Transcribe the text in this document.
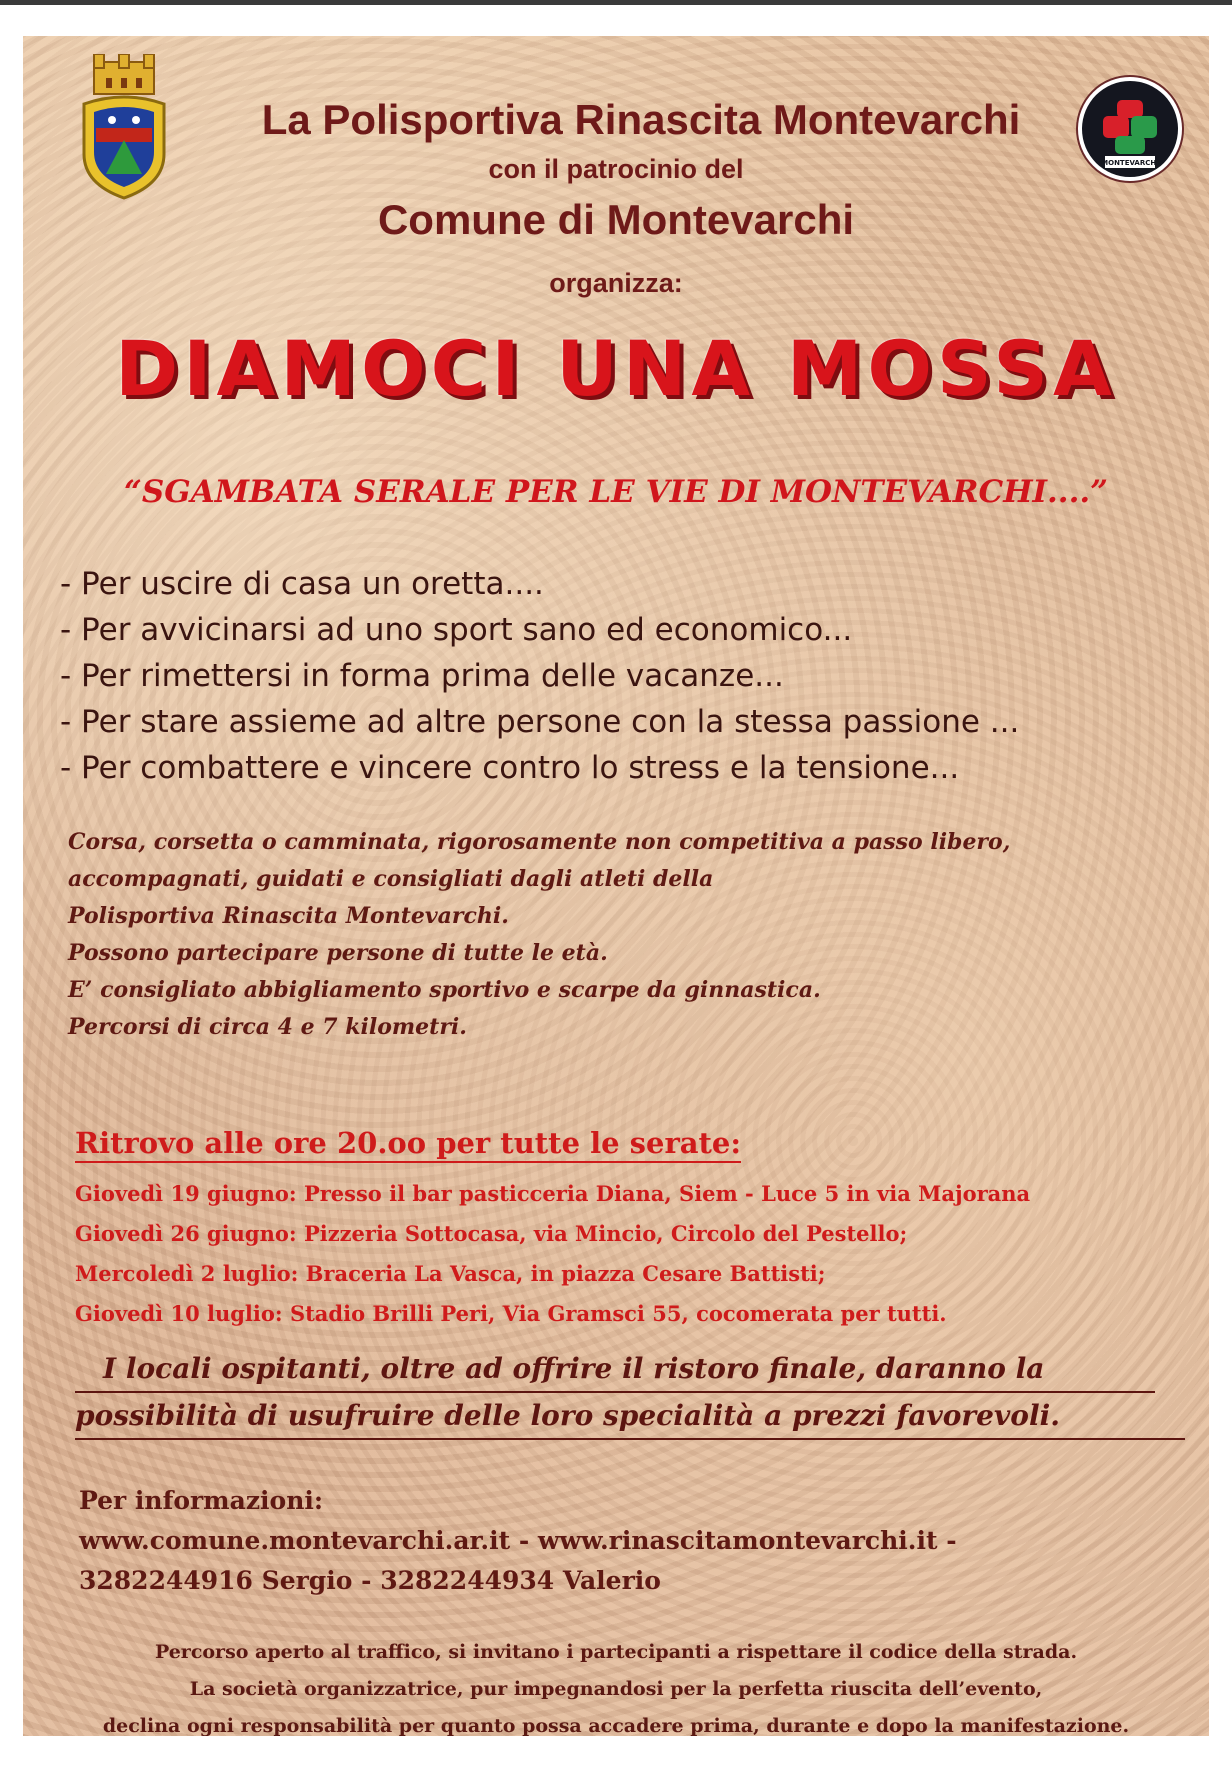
MONTEVARCHI
La Polisportiva Rinascita Montevarchi
con il patrocinio del
Comune di Montevarchi
organizza:
DIAMOCI UNA MOSSA
“SGAMBATA SERALE PER LE VIE DI MONTEVARCHI....”
- Per uscire di casa un oretta....
- Per avvicinarsi ad uno sport sano ed economico...
- Per rimettersi in forma prima delle vacanze...
- Per stare assieme ad altre persone con la stessa passione ...
- Per combattere e vincere contro lo stress e la tensione...
Corsa, corsetta o camminata, rigorosamente non competitiva a passo libero,
accompagnati, guidati e consigliati dagli atleti della
Polisportiva Rinascita Montevarchi.
Possono partecipare persone di tutte le età.
E’ consigliato abbigliamento sportivo e scarpe da ginnastica.
Percorsi di circa 4 e 7 kilometri.
Ritrovo alle ore 20.oo per tutte le serate:
Giovedì 19 giugno: Presso il bar pasticceria Diana, Siem - Luce 5 in via Majorana
Giovedì 26 giugno: Pizzeria Sottocasa, via Mincio, Circolo del Pestello;
Mercoledì 2 luglio: Braceria La Vasca, in piazza Cesare Battisti;
Giovedì 10 luglio: Stadio Brilli Peri, Via Gramsci 55, cocomerata per tutti.
I locali ospitanti, oltre ad offrire il ristoro finale, daranno la
possibilità di usufruire delle loro specialità a prezzi favorevoli.
Per informazioni:
www.comune.montevarchi.ar.it - www.rinascitamontevarchi.it -
3282244916 Sergio - 3282244934 Valerio
Percorso aperto al traffico, si invitano i partecipanti a rispettare il codice della strada.
La società organizzatrice, pur impegnandosi per la perfetta riuscita dell’evento,
declina ogni responsabilità per quanto possa accadere prima, durante e dopo la manifestazione.
